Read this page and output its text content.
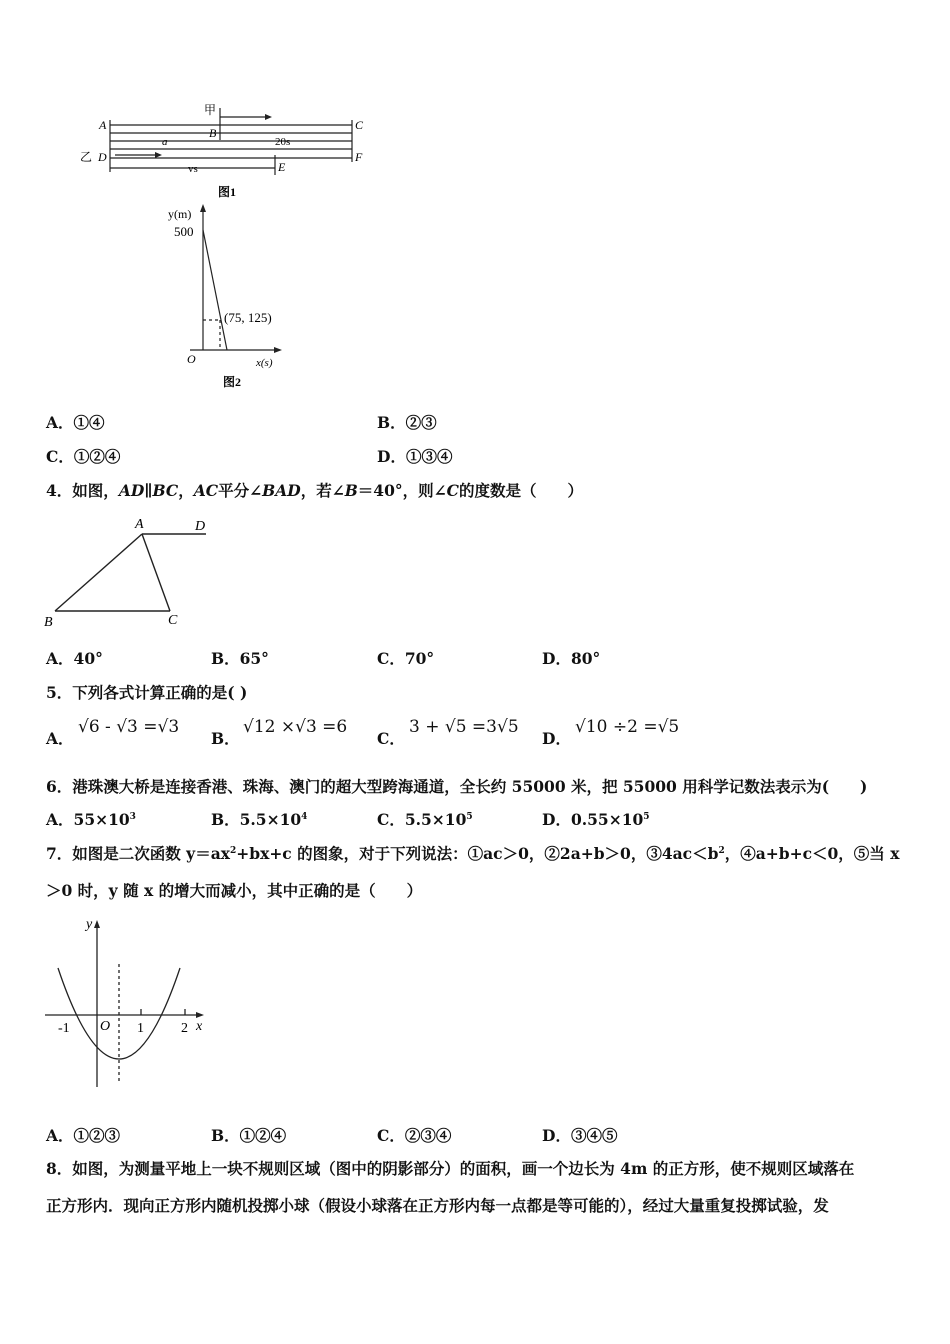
甲
乙
A
B
C
D
E
F
a	20s
vs
图1
y(m)
500
(75, 125)
O	x(s)
图2
A．①④	B．②③
C．①②④	D．①③④
4．如图，AD∥BC，AC平分∠BAD，若∠B＝40°，则∠C的度数是（　　）
A	D
B	C
A．40°	B．65°	C．70°	D．80°
5．下列各式计算正确的是( )
A．
√6 - √3 =√3
B．
√12 ×√3 =6
C．
3 + √5 =3√5
D．
√10 ÷2 =√5
6．港珠澳大桥是连接香港、珠海、澳门的超大型跨海通道，全长约 55000 米，把 55000 用科学记数法表示为(　　)
A．$55\times 10^3$	B．$5.5\times 10^4$	C．$5.5\times 10^5$	D．$0.55\times 10^5$
7．如图是二次函数 $y=ax^2+bx+c$ 的图象，对于下列说法：①ac＞0，②2a+b＞0，$③4ac<b^2$，④a+b+c＜0，⑤当 x
＞0 时，y 随 x 的增大而减小，其中正确的是（　　）
y
x
O
-1	1	2
A．①②③	B．①②④	C．②③④	D．③④⑤
8．如图，为测量平地上一块不规则区域（图中的阴影部分）的面积，画一个边长为 4m 的正方形，使不规则区域落在
正方形内．现向正方形内随机投掷小球（假设小球落在正方形内每一点都是等可能的），经过大量重复投掷试验，发
